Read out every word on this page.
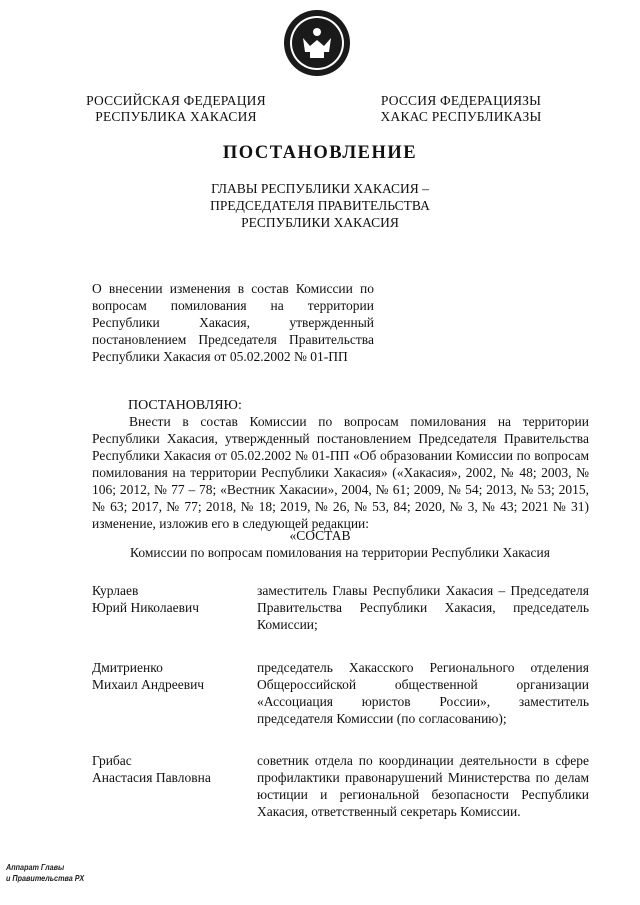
РОССИЙСКАЯ ФЕДЕРАЦИЯ
РЕСПУБЛИКА ХАКАСИЯ
РОССИЯ ФЕДЕРАЦИЯЗЫ
ХАКАС РЕСПУБЛИКАЗЫ
ПОСТАНОВЛЕНИЕ
ГЛАВЫ РЕСПУБЛИКИ ХАКАСИЯ –
ПРЕДСЕДАТЕЛЯ ПРАВИТЕЛЬСТВА
РЕСПУБЛИКИ ХАКАСИЯ
О внесении изменения в состав Комиссии по вопросам помилования на территории Республики Хакасия, утвержденный постановлением Председателя Правительства Республики Хакасия от 05.02.2002 № 01-ПП
ПОСТАНОВЛЯЮ:
Внести в состав Комиссии по вопросам помилования на территории Республики Хакасия, утвержденный постановлением Председателя Правительства Республики Хакасия от 05.02.2002 № 01-ПП «Об образовании Комиссии по вопросам помилования на территории Республики Хакасия» («Хакасия», 2002, № 48; 2003, № 106; 2012, № 77 – 78; «Вестник Хакасии», 2004, № 61; 2009, № 54; 2013, № 53; 2015, № 63; 2017, № 77; 2018, № 18; 2019, № 26, № 53, 84; 2020, № 3, № 43; 2021 № 31) изменение, изложив его в следующей редакции:
«СОСТАВ
Комиссии по вопросам помилования на территории Республики Хакасия
Курлаев
Юрий Николаевич
заместитель Главы Республики Хакасия – Председателя Правительства Республики Хакасия, председатель Комиссии;
Дмитриенко
Михаил Андреевич
председатель Хакасского Регионального отделения Общероссийской общественной организации «Ассоциация юристов России», заместитель председателя Комиссии (по согласованию);
Грибас
Анастасия Павловна
советник отдела по координации деятельности в сфере профилактики правонарушений Министерства по делам юстиции и региональной безопасности Республики Хакасия, ответственный секретарь Комиссии.
Аппарат Главы
и Правительства РХ
